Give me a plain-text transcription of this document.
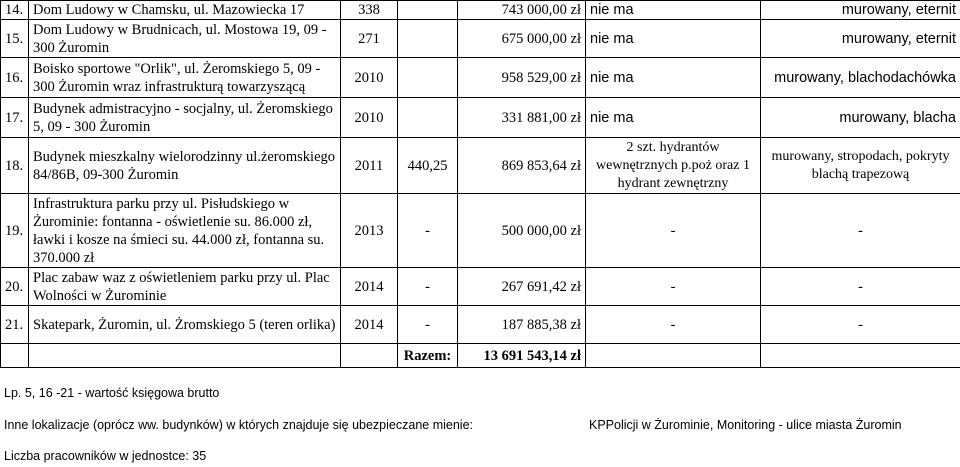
14.	Dom Ludowy w Chamsku, ul. Mazowiecka 17	338		743 000,00 zł	nie ma	murowany, eternit
15.	Dom Ludowy w Brudnicach, ul. Mostowa 19, 09 - 300 Żuromin	271		675 000,00 zł	nie ma	murowany, eternit
16.	Boisko sportowe "Orlik", ul. Żeromskiego 5, 09 - 300 Żuromin wraz infrastrukturą towarzyszącą	2010		958 529,00 zł	nie ma	murowany, blachodachówka
17.	Budynek admistracyjno - socjalny, ul. Żeromskiego 5, 09 - 300 Żuromin	2010		331 881,00 zł	nie ma	murowany, blacha
18.	Budynek mieszkalny wielorodzinny ul.żeromskiego 84/86B, 09-300 Żuromin	2011	440,25	869 853,64 zł	2 szt. hydrantów wewnętrznych p.poż oraz 1 hydrant zewnętrzny	murowany, stropodach, pokryty blachą trapezową
19.	Infrastruktura parku przy ul. Pisłudskiego w Żurominie: fontanna - oświetlenie su. 86.000 zł, ławki i kosze na śmieci su. 44.000 zł, fontanna su. 370.000 zł	2013	-	500 000,00 zł	-	-
20.	Plac zabaw waz z oświetleniem parku przy ul. Plac Wolności w Żurominie	2014	-	267 691,42 zł	-	-
21.	Skatepark, Żuromin, ul. Żromskiego 5 (teren orlika)	2014	-	187 885,38 zł	-	-
			Razem:	13 691 543,14 zł		
Lp. 5, 16 -21 - wartość księgowa brutto
Inne lokalizacje (oprócz ww. budynków) w których znajduje się ubezpieczane mienie:	KPPolicji w Żurominie, Monitoring - ulice miasta Żuromin
Liczba pracowników w jednostce: 35
